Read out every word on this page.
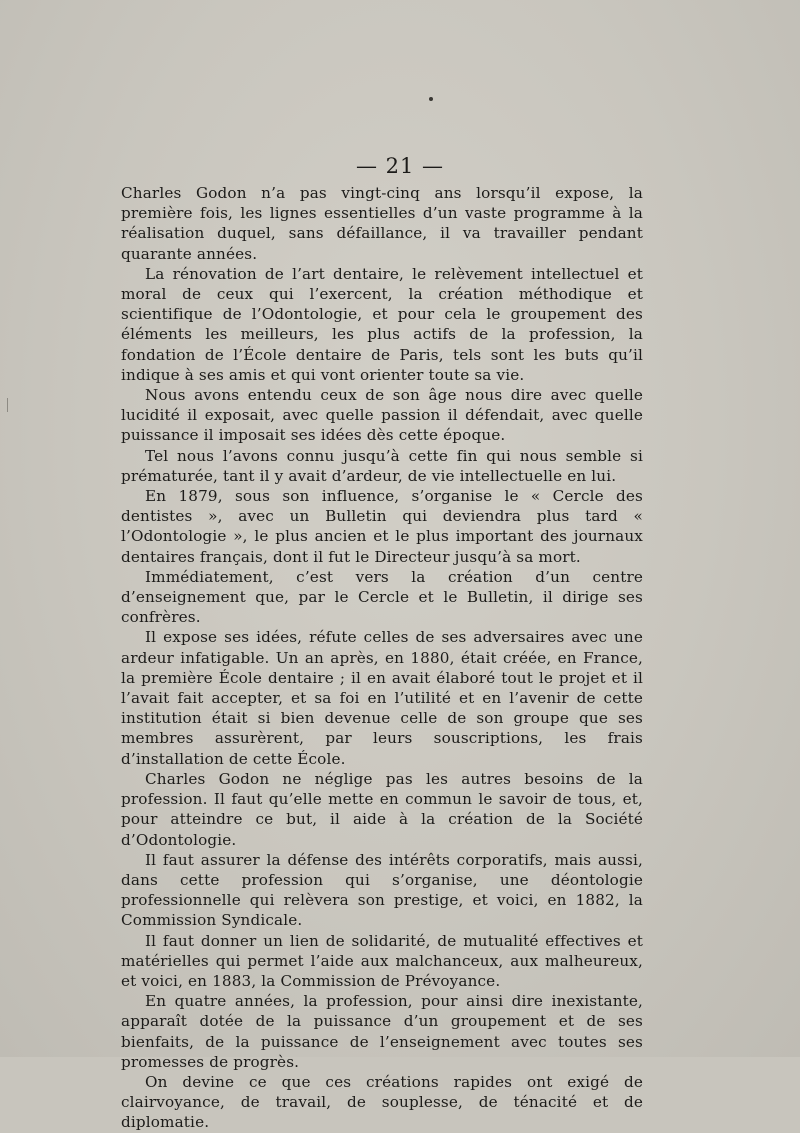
— 21 —

Charles Godon n’a pas vingt-cinq ans lorsqu’il expose, la première fois, les lignes essentielles d’un vaste programme à la réalisation duquel, sans défaillance, il va travailler pendant quarante années.

La rénovation de l’art dentaire, le relèvement intellectuel et moral de ceux qui l’exercent, la création méthodique et scientifique de l’Odontologie, et pour cela le groupement des éléments les meilleurs, les plus actifs de la profession, la fondation de l’École dentaire de Paris, tels sont les buts qu’il indique à ses amis et qui vont orienter toute sa vie.

Nous avons entendu ceux de son âge nous dire avec quelle lucidité il exposait, avec quelle passion il défendait, avec quelle puissance il imposait ses idées dès cette époque.

Tel nous l’avons connu jusqu’à cette fin qui nous semble si prématurée, tant il y avait d’ardeur, de vie intellectuelle en lui.

En 1879, sous son influence, s’organise le « Cercle des dentistes », avec un Bulletin qui deviendra plus tard « l’Odontologie », le plus ancien et le plus important des journaux dentaires français, dont il fut le Directeur jusqu’à sa mort.

Immédiatement, c’est vers la création d’un centre d’enseignement que, par le Cercle et le Bulletin, il dirige ses confrères.

Il expose ses idées, réfute celles de ses adversaires avec une ardeur infatigable. Un an après, en 1880, était créée, en France, la première École dentaire ; il en avait élaboré tout le projet et il l’avait fait accepter, et sa foi en l’utilité et en l’avenir de cette institution était si bien devenue celle de son groupe que ses membres assurèrent, par leurs souscriptions, les frais d’installation de cette École.

Charles Godon ne néglige pas les autres besoins de la profession. Il faut qu’elle mette en commun le savoir de tous, et, pour atteindre ce but, il aide à la création de la Société d’Odontologie.

Il faut assurer la défense des intérêts corporatifs, mais aussi, dans cette profession qui s’organise, une déontologie professionnelle qui relèvera son prestige, et voici, en 1882, la Commission Syndicale.

Il faut donner un lien de solidarité, de mutualité effectives et matérielles qui permet l’aide aux malchanceux, aux malheureux, et voici, en 1883, la Commission de Prévoyance.

En quatre années, la profession, pour ainsi dire inexistante, apparaît dotée de la puissance d’un groupement et de ses bienfaits, de la puissance de l’enseignement avec toutes ses promesses de progrès.

On devine ce que ces créations rapides ont exigé de clairvoyance, de travail, de souplesse, de ténacité et de diplomatie.
